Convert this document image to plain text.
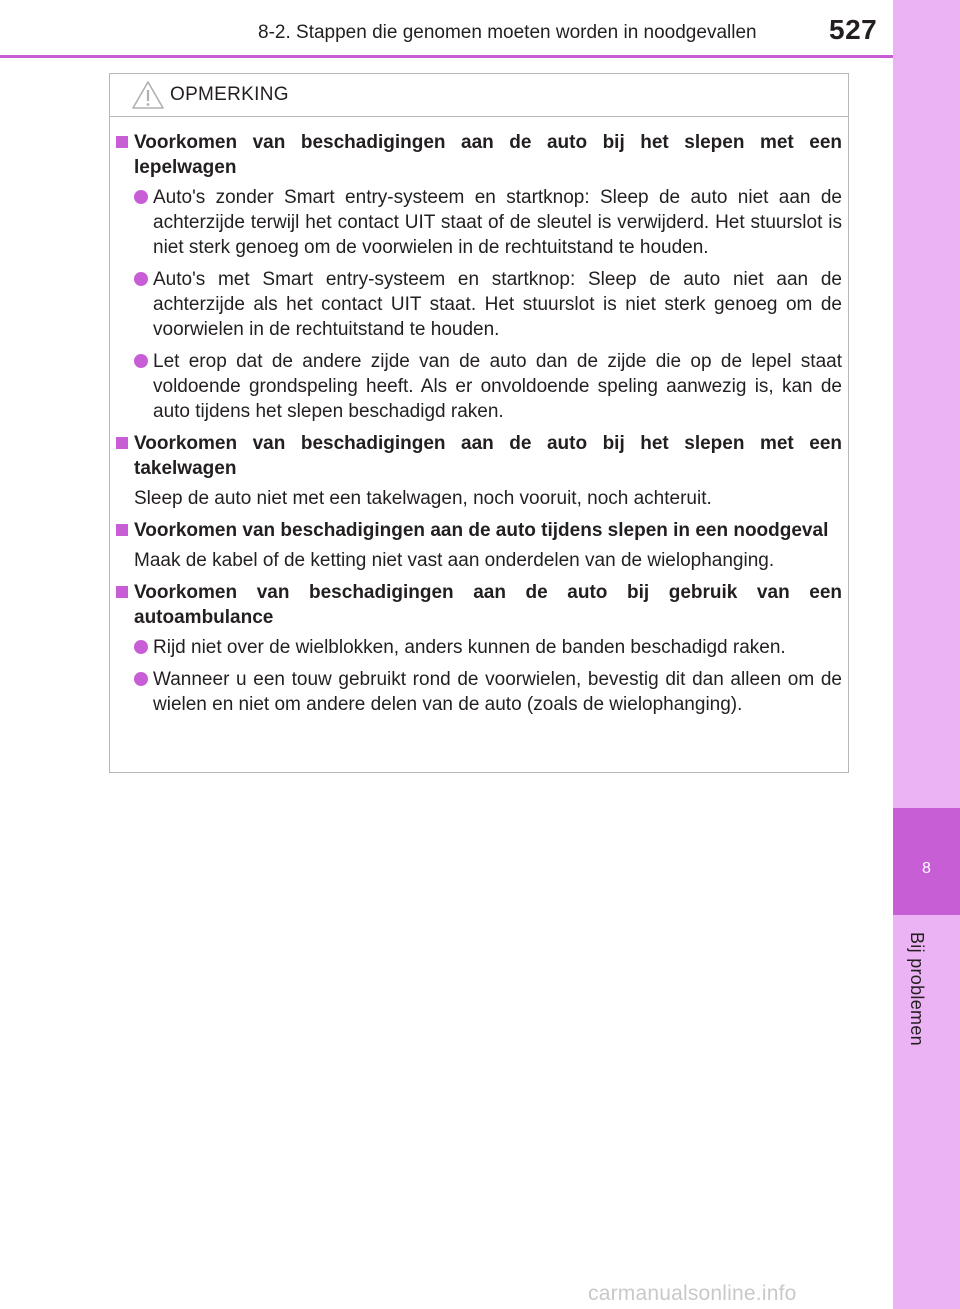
8
Bij problemen
8-2. Stappen die genomen moeten worden in noodgevallen	527
OPMERKING
Voorkomen van beschadigingen aan de auto bij het slepen met een lepelwagen
Auto's zonder Smart entry-systeem en startknop: Sleep de auto niet aan de achterzijde terwijl het contact UIT staat of de sleutel is verwijderd. Het stuurslot is niet sterk genoeg om de voorwielen in de rechtuitstand te houden.
Auto's met Smart entry-systeem en startknop: Sleep de auto niet aan de achterzijde als het contact UIT staat. Het stuurslot is niet sterk genoeg om de voorwielen in de rechtuitstand te houden.
Let erop dat de andere zijde van de auto dan de zijde die op de lepel staat voldoende grondspeling heeft. Als er onvoldoende speling aanwezig is, kan de auto tijdens het slepen beschadigd raken.
Voorkomen van beschadigingen aan de auto bij het slepen met een takelwagen
Sleep de auto niet met een takelwagen, noch vooruit, noch achteruit.
Voorkomen van beschadigingen aan de auto tijdens slepen in een noodgeval
Maak de kabel of de ketting niet vast aan onderdelen van de wielophanging.
Voorkomen van beschadigingen aan de auto bij gebruik van een autoambulance
Rijd niet over de wielblokken, anders kunnen de banden beschadigd raken.
Wanneer u een touw gebruikt rond de voorwielen, bevestig dit dan alleen om de wielen en niet om andere delen van de auto (zoals de wielophanging).
carmanualsonline.info
